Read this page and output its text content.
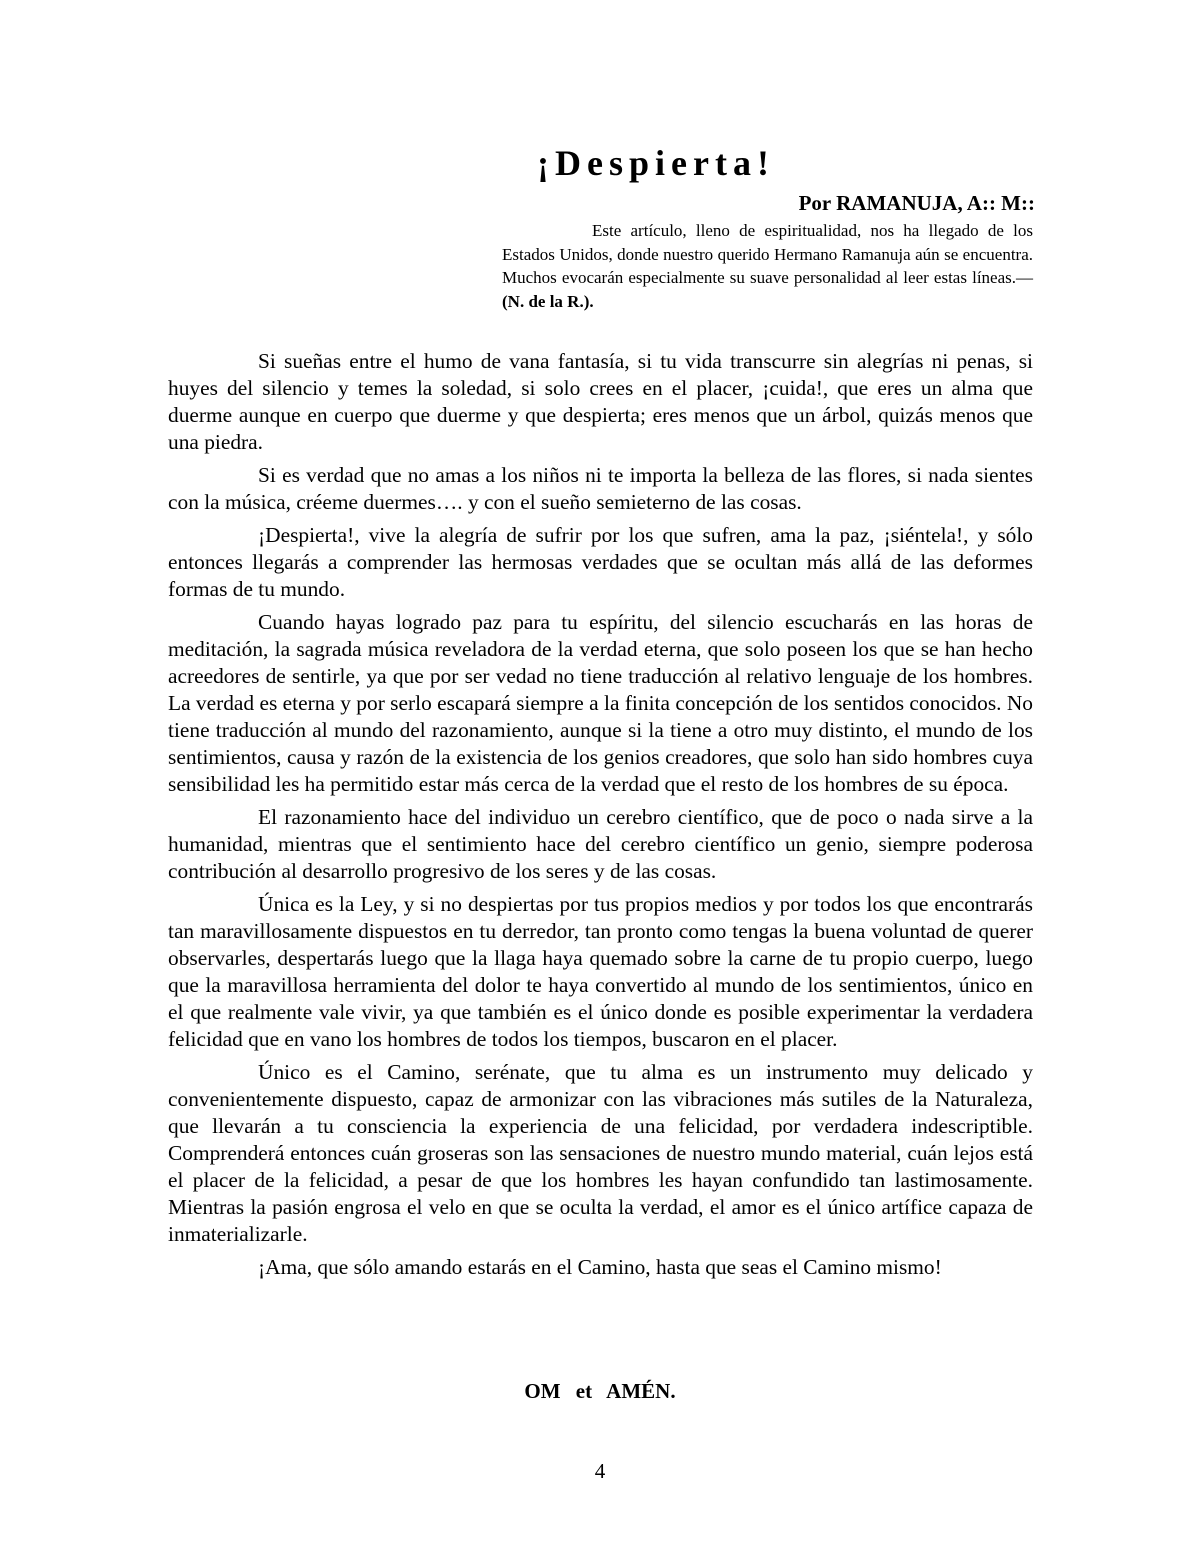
¡Despierta!

Por RAMANUJA, A:: M::

Este artículo, lleno de espiritualidad, nos ha llegado de los Estados Unidos, donde nuestro querido Hermano Ramanuja aún se encuentra. Muchos evocarán especialmente su suave personalidad al leer estas líneas.— (N. de la R.).

Si sueñas entre el humo de vana fantasía, si tu vida transcurre sin alegrías ni penas, si huyes del silencio y temes la soledad, si solo crees en el placer, ¡cuida!, que eres un alma que duerme aunque en cuerpo que duerme y que despierta; eres menos que un árbol, quizás menos que una piedra.

Si es verdad que no amas a los niños ni te importa la belleza de las flores, si nada sientes con la música, créeme duermes…. y con el sueño semieterno de las cosas.

¡Despierta!, vive la alegría de sufrir por los que sufren, ama la paz, ¡siéntela!, y sólo entonces llegarás a comprender las hermosas verdades que se ocultan más allá de las deformes formas de tu mundo.

Cuando hayas logrado paz para tu espíritu, del silencio escucharás en las horas de meditación, la sagrada música reveladora de la verdad eterna, que solo poseen los que se han hecho acreedores de sentirle, ya que por ser vedad no tiene traducción al relativo lenguaje de los hombres. La verdad es eterna y por serlo escapará siempre a la finita concepción de los sentidos conocidos. No tiene traducción al mundo del razonamiento, aunque si la tiene a otro muy distinto, el mundo de los sentimientos, causa y razón de la existencia de los genios creadores, que solo han sido hombres cuya sensibilidad les ha permitido estar más cerca de la verdad que el resto de los hombres de su época.

El razonamiento hace del individuo un cerebro científico, que de poco o nada sirve a la humanidad, mientras que el sentimiento hace del cerebro científico un genio, siempre poderosa contribución al desarrollo progresivo de los seres y de las cosas.

Única es la Ley, y si no despiertas por tus propios medios y por todos los que encontrarás tan maravillosamente dispuestos en tu derredor, tan pronto como tengas la buena voluntad de querer observarles, despertarás luego que la llaga haya quemado sobre la carne de tu propio cuerpo, luego que la maravillosa herramienta del dolor te haya convertido al mundo de los sentimientos, único en el que realmente vale vivir, ya que también es el único donde es posible experimentar la verdadera felicidad que en vano los hombres de todos los tiempos, buscaron en el placer.

Único es el Camino, serénate, que tu alma es un instrumento muy delicado y convenientemente dispuesto, capaz de armonizar con las vibraciones más sutiles de la Naturaleza, que llevarán a tu consciencia la experiencia de una felicidad, por verdadera indescriptible. Comprenderá entonces cuán groseras son las sensaciones de nuestro mundo material, cuán lejos está el placer de la felicidad, a pesar de que los hombres les hayan confundido tan lastimosamente. Mientras la pasión engrosa el velo en que se oculta la verdad, el amor es el único artífice capaza de inmaterializarle.

¡Ama, que sólo amando estarás en el Camino, hasta que seas el Camino mismo!

OM et AMÉN.

4
